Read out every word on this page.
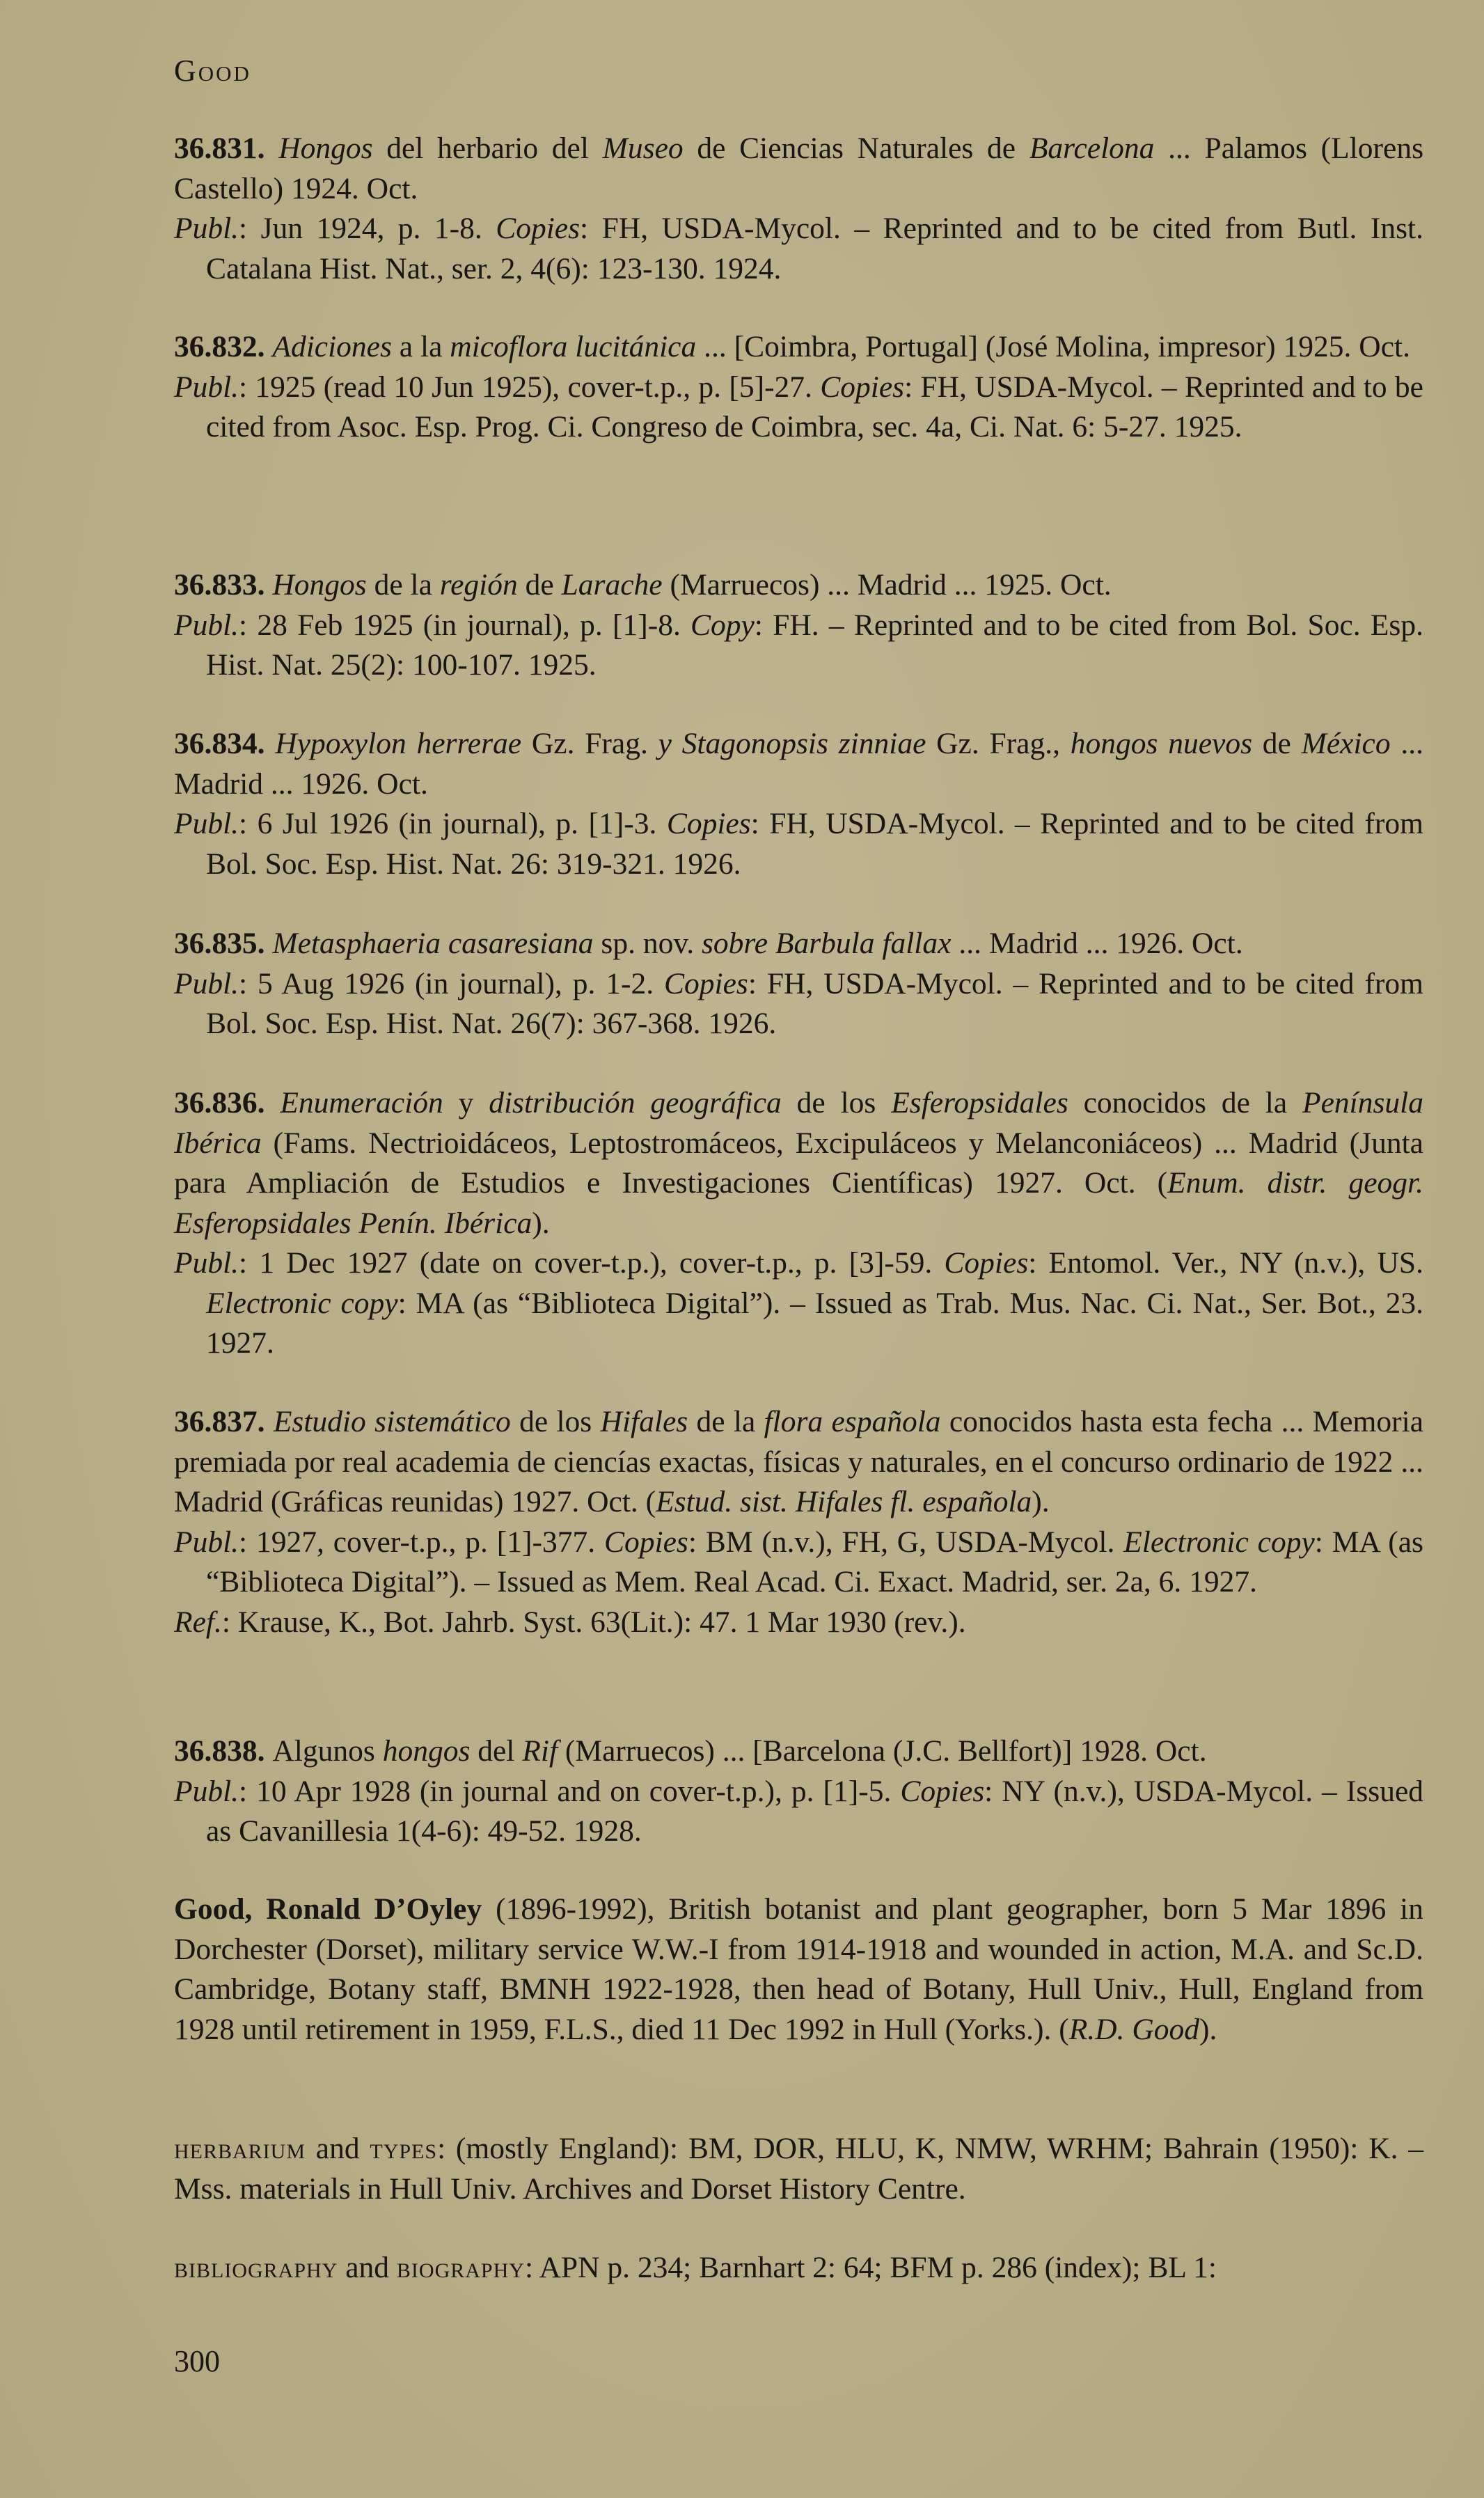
Good

36.831. Hongos del herbario del Museo de Ciencias Naturales de Barcelona ... Palamos (Llorens Castello) 1924. Oct.

Publ.: Jun 1924, p. 1-8. Copies: FH, USDA-Mycol. – Reprinted and to be cited from Butl. Inst. Catalana Hist. Nat., ser. 2, 4(6): 123-130. 1924.

36.832. Adiciones a la micoflora lucitánica ... [Coimbra, Portugal] (José Molina, impresor) 1925. Oct.

Publ.: 1925 (read 10 Jun 1925), cover-t.p., p. [5]-27. Copies: FH, USDA-Mycol. – Reprinted and to be cited from Asoc. Esp. Prog. Ci. Congreso de Coimbra, sec. 4a, Ci. Nat. 6: 5-27. 1925.

36.833. Hongos de la región de Larache (Marruecos) ... Madrid ... 1925. Oct.

Publ.: 28 Feb 1925 (in journal), p. [1]-8. Copy: FH. – Reprinted and to be cited from Bol. Soc. Esp. Hist. Nat. 25(2): 100-107. 1925.

36.834. Hypoxylon herrerae Gz. Frag. y Stagonopsis zinniae Gz. Frag., hongos nuevos de México ... Madrid ... 1926. Oct.

Publ.: 6 Jul 1926 (in journal), p. [1]-3. Copies: FH, USDA-Mycol. – Reprinted and to be cited from Bol. Soc. Esp. Hist. Nat. 26: 319-321. 1926.

36.835. Metasphaeria casaresiana sp. nov. sobre Barbula fallax ... Madrid ... 1926. Oct.

Publ.: 5 Aug 1926 (in journal), p. 1-2. Copies: FH, USDA-Mycol. – Reprinted and to be cited from Bol. Soc. Esp. Hist. Nat. 26(7): 367-368. 1926.

36.836. Enumeración y distribución geográfica de los Esferopsidales conocidos de la Península Ibérica (Fams. Nectrioidáceos, Leptostromáceos, Excipuláceos y Melanconiáceos) ... Madrid (Junta para Ampliación de Estudios e Investigaciones Científicas) 1927. Oct. (Enum. distr. geogr. Esferopsidales Penín. Ibérica).

Publ.: 1 Dec 1927 (date on cover-t.p.), cover-t.p., p. [3]-59. Copies: Entomol. Ver., NY (n.v.), US. Electronic copy: MA (as “Biblioteca Digital”). – Issued as Trab. Mus. Nac. Ci. Nat., Ser. Bot., 23. 1927.

36.837. Estudio sistemático de los Hifales de la flora española conocidos hasta esta fecha ... Memoria premiada por real academia de ciencías exactas, físicas y naturales, en el concurso ordinario de 1922 ... Madrid (Gráficas reunidas) 1927. Oct. (Estud. sist. Hifales fl. española).

Publ.: 1927, cover-t.p., p. [1]-377. Copies: BM (n.v.), FH, G, USDA-Mycol. Electronic copy: MA (as “Biblioteca Digital”). – Issued as Mem. Real Acad. Ci. Exact. Madrid, ser. 2a, 6. 1927.

Ref.: Krause, K., Bot. Jahrb. Syst. 63(Lit.): 47. 1 Mar 1930 (rev.).

36.838. Algunos hongos del Rif (Marruecos) ... [Barcelona (J.C. Bellfort)] 1928. Oct.

Publ.: 10 Apr 1928 (in journal and on cover-t.p.), p. [1]-5. Copies: NY (n.v.), USDA-Mycol. – Issued as Cavanillesia 1(4-6): 49-52. 1928.

Good, Ronald D’Oyley (1896-1992), British botanist and plant geographer, born 5 Mar 1896 in Dorchester (Dorset), military service W.W.-I from 1914-1918 and wounded in action, M.A. and Sc.D. Cambridge, Botany staff, BMNH 1922-1928, then head of Botany, Hull Univ., Hull, England from 1928 until retirement in 1959, F.L.S., died 11 Dec 1992 in Hull (Yorks.). (R.D. Good).

herbarium and types: (mostly England): BM, DOR, HLU, K, NMW, WRHM; Bahrain (1950): K. – Mss. materials in Hull Univ. Archives and Dorset History Centre.

bibliography and biography: APN p. 234; Barnhart 2: 64; BFM p. 286 (index); BL 1:

300
